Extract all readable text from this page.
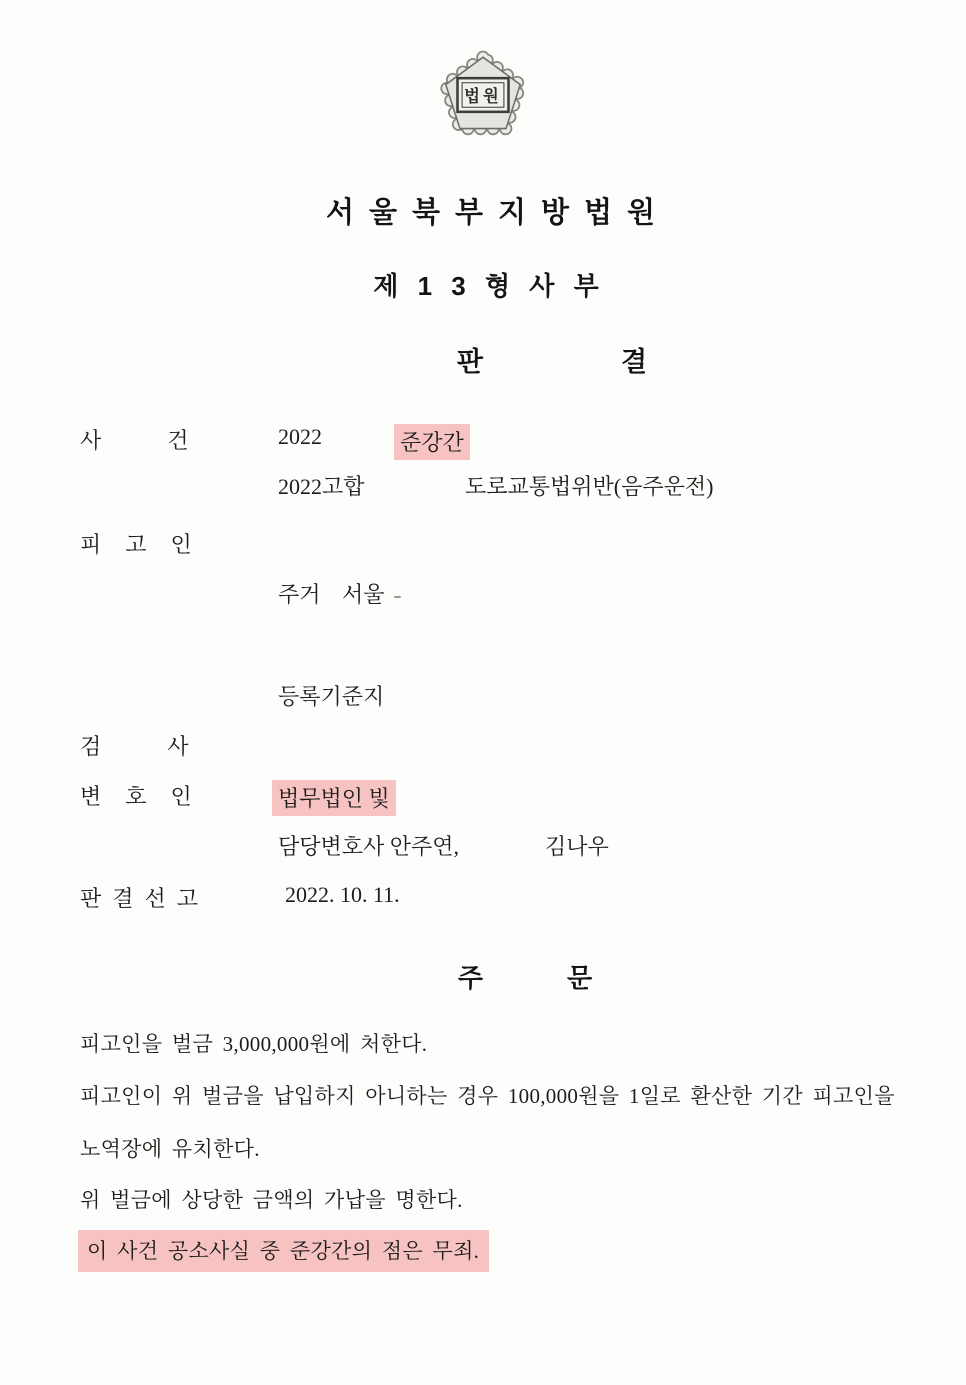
법원
서울북부지방법원
제 1 3 형 사 부
판결
사건 2022	준강간
2022고합	도로교통법위반(음주운전)
피고인
주거 서울
등록기준지
검사
변호인	법무법인 빛
담당변호사 안주연,	김나우
판결선고	2022. 10. 11.
주문
피고인을 벌금 3,000,000원에 처한다.
피고인이 위 벌금을 납입하지 아니하는 경우 100,000원을 1일로 환산한 기간 피고인을
노역장에 유치한다.
위 벌금에 상당한 금액의 가납을 명한다.
이 사건 공소사실 중 준강간의 점은 무죄.
